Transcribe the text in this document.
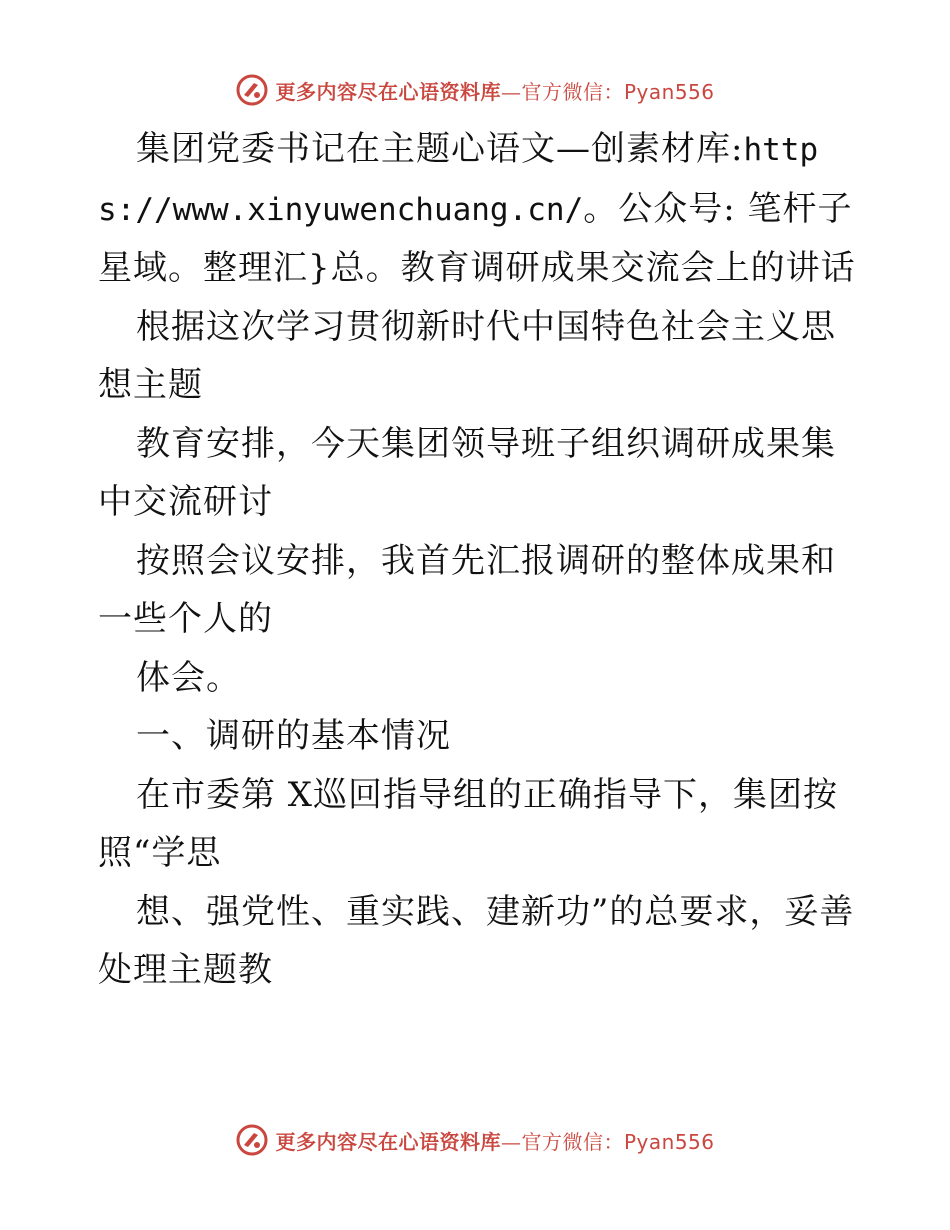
更多内容尽在心语资料库—官方微信：Pyan556

集团党委书记在主题心语文—创素材库:https://www.xinyuwenchuang.cn/。公众号: 笔杆子星域。整理汇}总。教育调研成果交流会上的讲话

根据这次学习贯彻新时代中国特色社会主义思想主题

教育安排，今天集团领导班子组织调研成果集中交流研讨

按照会议安排，我首先汇报调研的整体成果和一些个人的

体会。

一、调研的基本情况

在市委第 X巡回指导组的正确指导下，集团按照“学思

想、强党性、重实践、建新功”的总要求，妥善处理主题教

更多内容尽在心语资料库—官方微信：Pyan556
